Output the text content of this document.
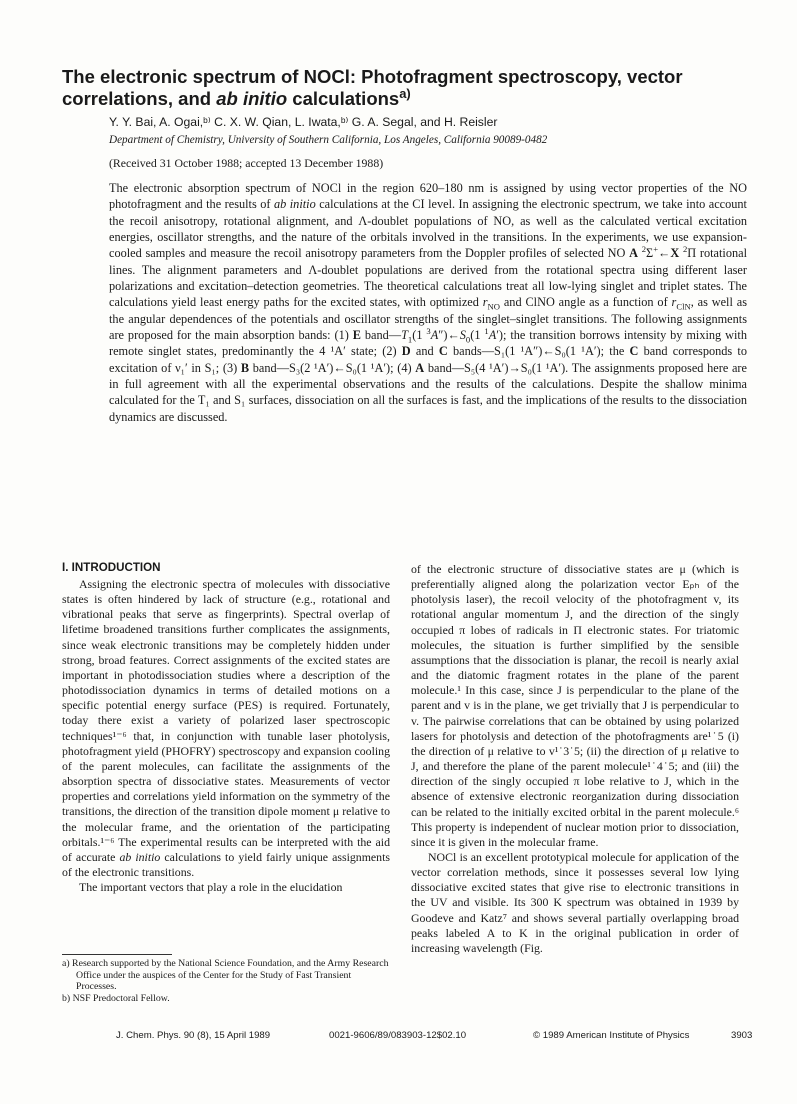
The electronic spectrum of NOCl: Photofragment spectroscopy, vector correlations, and ab initio calculations$^{a)}$
Y. Y. Bai, A. Ogai,ᵇ⁾ C. X. W. Qian, L. Iwata,ᵇ⁾ G. A. Segal, and H. Reisler
Department of Chemistry, University of Southern California, Los Angeles, California 90089-0482
(Received 31 October 1988; accepted 13 December 1988)

The electronic absorption spectrum of NOCl in the region 620–180 nm is assigned by using vector properties of the NO photofragment and the results of ab initio calculations at the CI level. In assigning the electronic spectrum, we take into account the recoil anisotropy, rotational alignment, and Λ-doublet populations of NO, as well as the calculated vertical excitation energies, oscillator strengths, and the nature of the orbitals involved in the transitions. In the experiments, we use expansion-cooled samples and measure the recoil anisotropy parameters from the Doppler profiles of selected NO A $^2$Σ+←X $^2$Π rotational lines. The alignment parameters and Λ-doublet populations are derived from the rotational spectra using different laser polarizations and excitation–detection geometries. The theoretical calculations treat all low-lying singlet and triplet states. The calculations yield least energy paths for the excited states, with optimized $r_{NO}$ and ClNO angle as a function of $r_{ClN}$, as well as the angular dependences of the potentials and oscillator strengths of the singlet–singlet transitions. The following assignments are proposed for the main absorption bands: (1) E $band—T_1(1$ $^3A'')\leftarrow S_0(1$ $^1$A′); the transition borrows intensity by mixing with remote singlet states, predominantly the 4 ¹A′ state; (2) D and C bands—S₁(1 ¹A″)←S₀(1 ¹A′); the C band corresponds to excitation of ν₁′ in S₁; (3) B band—S₃(2 ¹A′)←S₀(1 ¹A′); (4) A band—S₅(4 ¹A′)→S₀(1 ¹A′). The assignments proposed here are in full agreement with all the experimental observations and the results of the calculations. Despite the shallow minima calculated for the T₁ and S₁ surfaces, dissociation on all the surfaces is fast, and the implications of the results to the dissociation dynamics are discussed.

I. INTRODUCTION

Assigning the electronic spectra of molecules with dissociative states is often hindered by lack of structure (e.g., rotational and vibrational peaks that serve as fingerprints). Spectral overlap of lifetime broadened transitions further complicates the assignments, since weak electronic transitions may be completely hidden under strong, broad features. Correct assignments of the excited states are important in photodissociation studies where a description of the photodissociation dynamics in terms of detailed motions on a specific potential energy surface (PES) is required. Fortunately, today there exist a variety of polarized laser spectroscopic techniques¹⁻⁶ that, in conjunction with tunable laser photolysis, photofragment yield (PHOFRY) spectroscopy and expansion cooling of the parent molecules, can facilitate the assignments of the absorption spectra of dissociative states. Measurements of vector properties and correlations yield information on the symmetry of the transitions, the direction of the transition dipole moment μ relative to the molecular frame, and the orientation of the participating orbitals.¹⁻⁶ The experimental results can be interpreted with the aid of accurate ab initio calculations to yield fairly unique assignments of the electronic transitions.

The important vectors that play a role in the elucidation

a) Research supported by the National Science Foundation, and the Army Research Office under the auspices of the Center for the Study of Fast Transient Processes.

b) NSF Predoctoral Fellow.

of the electronic structure of dissociative states are μ (which is preferentially aligned along the polarization vector Eₚₕ of the photolysis laser), the recoil velocity of the photofragment v, its rotational angular momentum J, and the direction of the singly occupied π lobes of radicals in Π electronic states. For triatomic molecules, the situation is further simplified by the sensible assumptions that the dissociation is planar, the recoil is nearly axial and the diatomic fragment rotates in the plane of the parent molecule.¹ In this case, since J is perpendicular to the plane of the parent and v is in the plane, we get trivially that J is perpendicular to v. The pairwise correlations that can be obtained by using polarized lasers for photolysis and detection of the photofragments are¹˙5 (i) the direction of μ relative to v¹˙3˙5; (ii) the direction of μ relative to J, and therefore the plane of the parent molecule¹˙4˙5; and (iii) the direction of the singly occupied π lobe relative to J, which in the absence of extensive electronic reorganization during dissociation can be related to the initially excited orbital in the parent molecule.⁶ This property is independent of nuclear motion prior to dissociation, since it is given in the molecular frame.

NOCl is an excellent prototypical molecule for application of the vector correlation methods, since it possesses several low lying dissociative excited states that give rise to electronic transitions in the UV and visible. Its 300 K spectrum was obtained in 1939 by Goodeve and Katz⁷ and shows several partially overlapping broad peaks labeled A to K in the original publication in order of increasing wavelength (Fig.

J. Chem. Phys. 90 (8), 15 April 1989	0021-9606/89/083903-12$02.10	© 1989 American Institute of Physics	3903
